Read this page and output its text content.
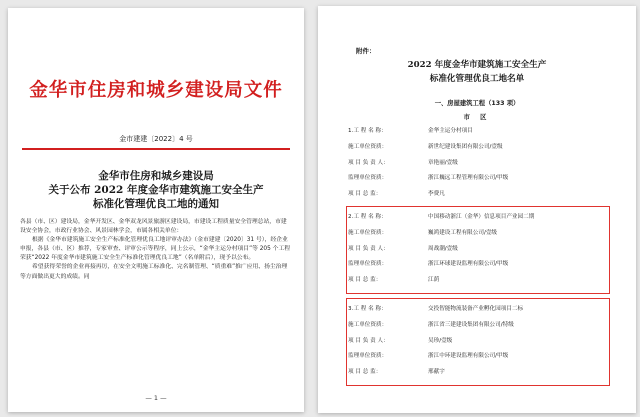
金华市住房和城乡建设局文件
金市建建〔2022〕4 号
金华市住房和城乡建设局
关于公布 2022 年度金华市建筑施工安全生产
标准化管理优良工地的通知

各县（市、区）建设局，金华开发区、金华双龙风景旅游区建设局，市建设工程质量安全管理总站，市建设安全协会，市政行业协会、风景园林学会，市属各相关单位：

根据《金华市建筑施工安全生产标准化管理优良工地评审办法》（金市建建〔2020〕31 号），经企业申报，各县（市、区）推荐，专家审查、评审公示等程序，同上公示，“金华主运分村项目”等 205 个工程荣获“2022 年度金华市建筑施工安全生产标准化管理优良工地”（名单附后），现予以公布。

希望获得荣誉的企业再接再厉，在安全文明施工标准化、完名制管理、“质重难”推广应用、扬尘治理等方面做出更大的成绩。同

— 1 —
附件：
2022 年度金华市建筑施工安全生产
标准化管理优良工地名单
一、房屋建筑工程（133 项）
市 区
1.工 程 名 称：	金华主运分村项目
施工单位资质：	新世纪建设集团有限公司/壹级
项 目 负 责 人：	章艳丽/壹级
监理单位资质：	浙江巍远工程管理有限公司/甲级
项 目 总 监：	李费凡
2.工 程 名 称：	中国移动浙江（金华）信息项目产业园二期
施工单位资质：	巍鸿建设工程有限公司/壹级
项 目 负 责 人：	周战潮/壹级
监理单位资质：	浙江环球建设监理有限公司/甲级
项 目 总 监：	江荫
3.工 程 名 称：	交投智能物流装备产业孵化园项目二标
施工单位资质：	浙江省三建建设集团有限公司/特级
项 目 负 责 人：	吴珍/壹级
监理单位资质：	浙江中环建设监理有限公司/甲级
项 目 总 监：	邢献宇
